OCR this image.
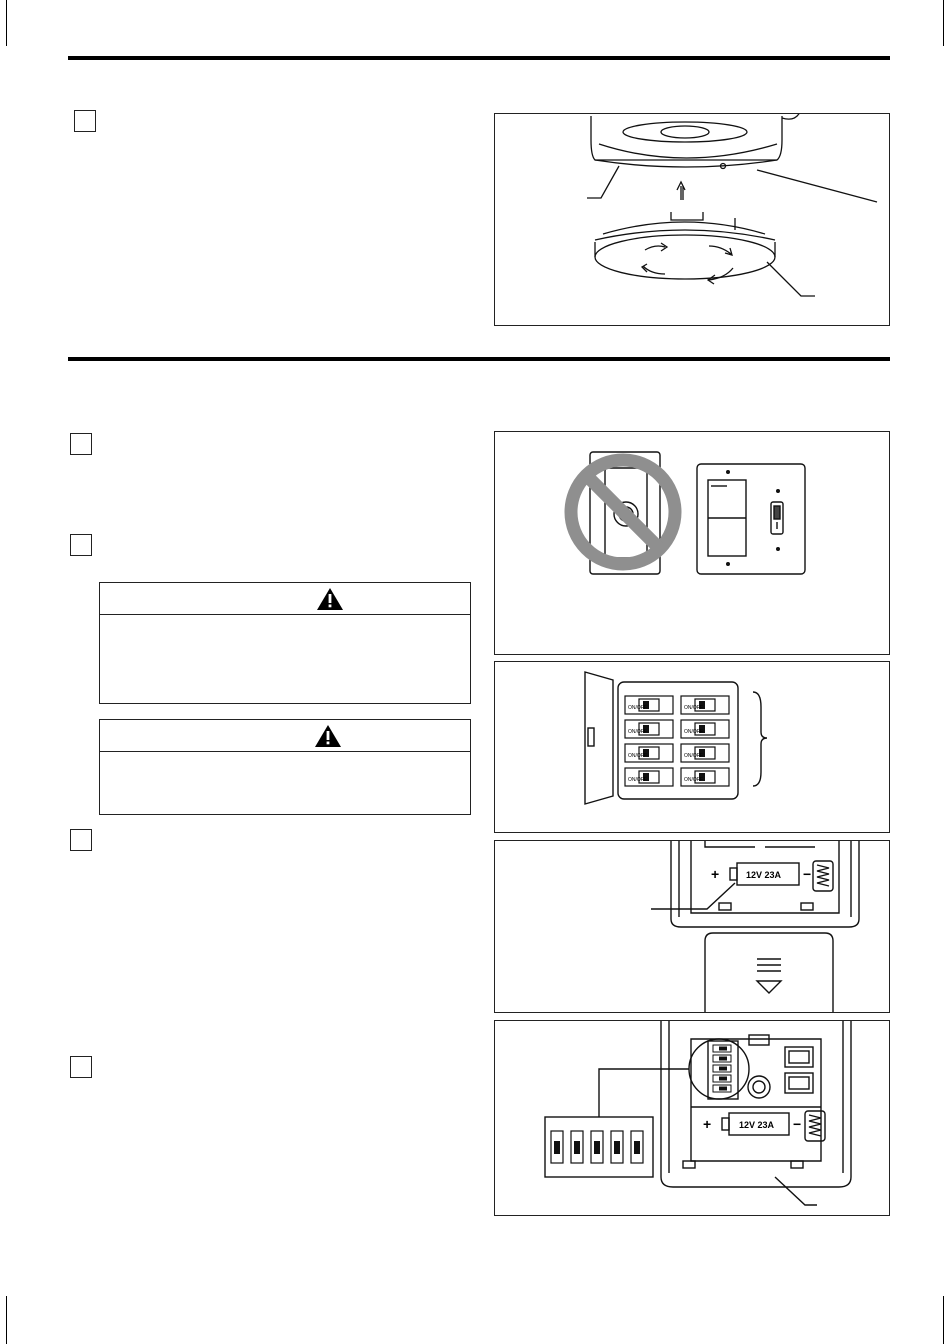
ON/OFF
ON/OFF
ON/OFF
ON/OFF
ON/OFF
ON/OFF
ON/OFF
ON/OFF
12V 23A
+	−
12V 23A
+	−
